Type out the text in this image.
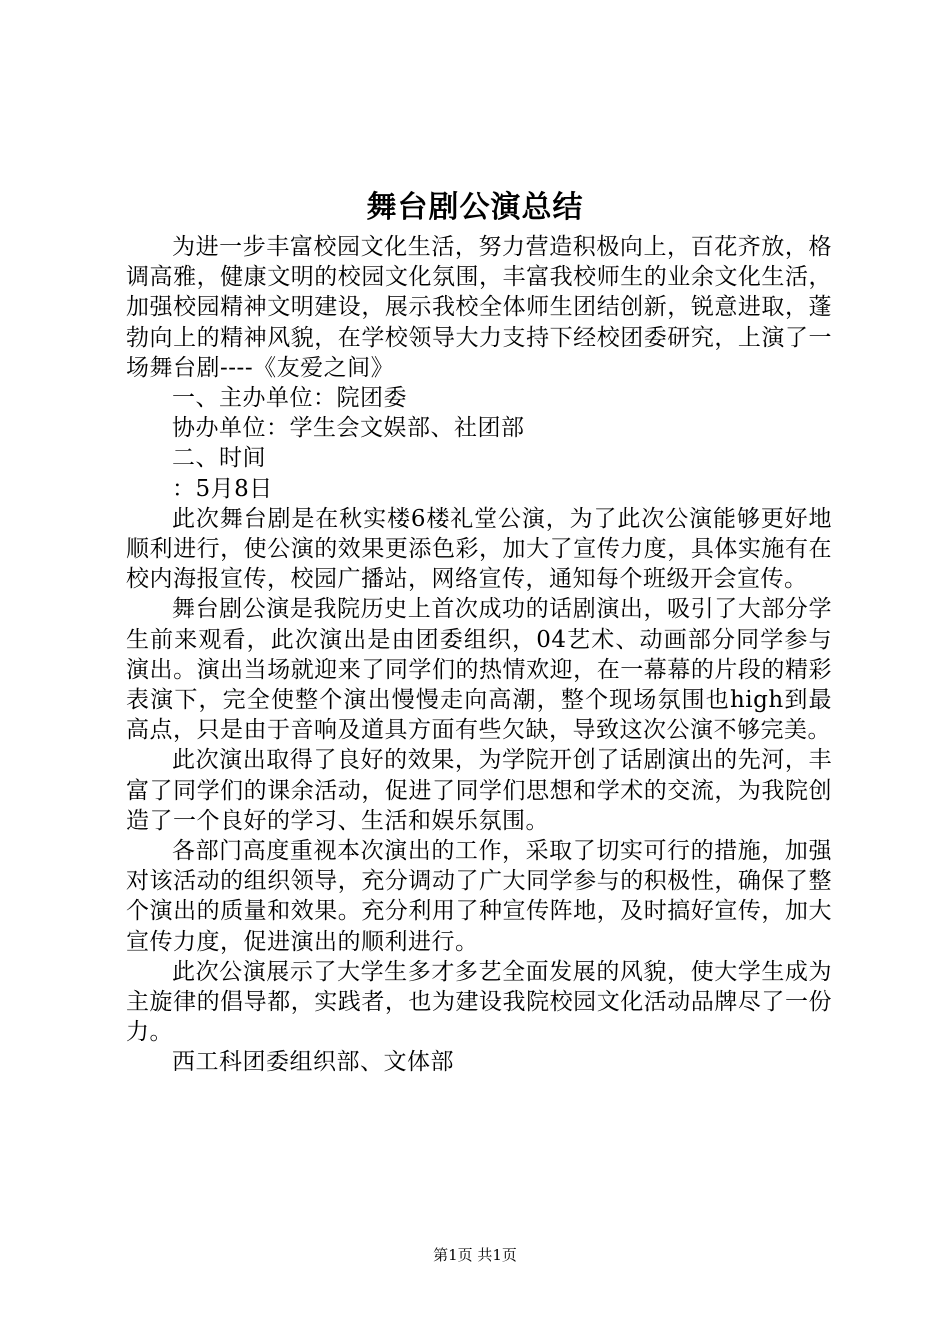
舞台剧公演总结

为进一步丰富校园文化生活，努力营造积极向上，百花齐放，格调高雅，健康文明的校园文化氛围，丰富我校师生的业余文化生活，加强校园精神文明建设，展示我校全体师生团结创新，锐意进取，蓬勃向上的精神风貌，在学校领导大力支持下经校团委研究，上演了一场舞台剧----《友爱之间》

一、主办单位：院团委

协办单位：学生会文娱部、社团部

二、时间

：5月8日

此次舞台剧是在秋实楼6楼礼堂公演，为了此次公演能够更好地顺利进行，使公演的效果更添色彩，加大了宣传力度，具体实施有在校内海报宣传，校园广播站，网络宣传，通知每个班级开会宣传。

舞台剧公演是我院历史上首次成功的话剧演出，吸引了大部分学生前来观看，此次演出是由团委组织，04艺术、动画部分同学参与演出。演出当场就迎来了同学们的热情欢迎，在一幕幕的片段的精彩表演下，完全使整个演出慢慢走向高潮，整个现场氛围也high到最高点，只是由于音响及道具方面有些欠缺，导致这次公演不够完美。

此次演出取得了良好的效果，为学院开创了话剧演出的先河，丰富了同学们的课余活动，促进了同学们思想和学术的交流，为我院创造了一个良好的学习、生活和娱乐氛围。

各部门高度重视本次演出的工作，采取了切实可行的措施，加强对该活动的组织领导，充分调动了广大同学参与的积极性，确保了整个演出的质量和效果。充分利用了种宣传阵地，及时搞好宣传，加大宣传力度，促进演出的顺利进行。

此次公演展示了大学生多才多艺全面发展的风貌，使大学生成为主旋律的倡导都，实践者，也为建设我院校园文化活动品牌尽了一份力。

西工科团委组织部、文体部

第1页 共1页
